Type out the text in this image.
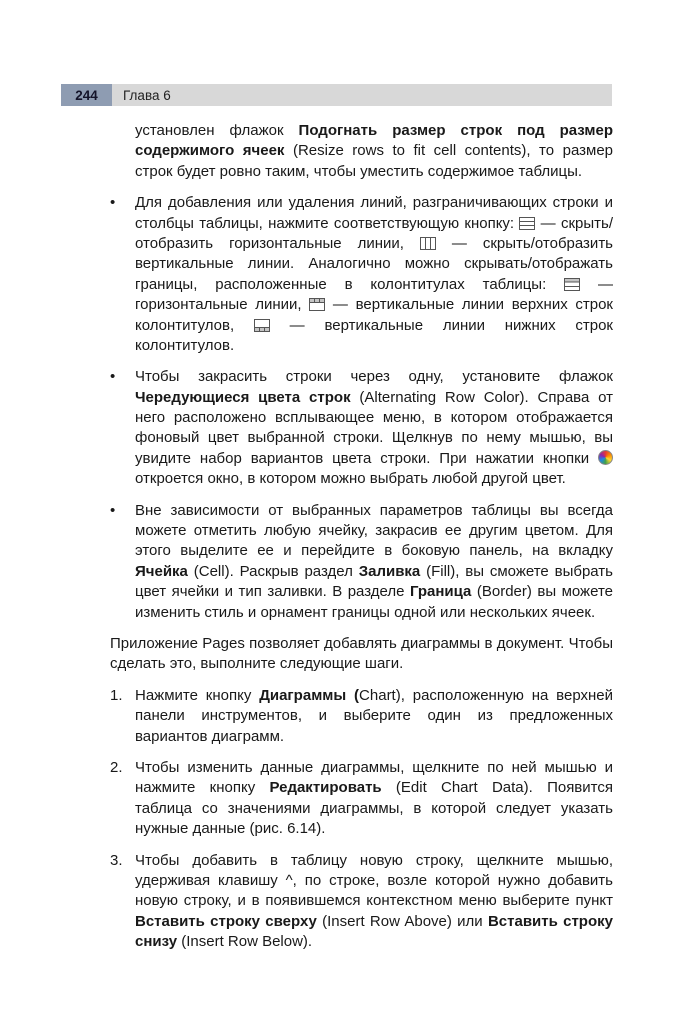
244 Глава 6
установлен флажок Подогнать размер строк под размер содержимого ячеек (Resize rows to fit cell contents), то размер строк будет ровно таким, чтобы уместить содержимое таблицы.
•	Для добавления или удаления линий, разграничивающих строки и столбцы таблицы, нажмите соответствующую кнопку:  — скрыть/отобразить горизонтальные линии,  — скрыть/отобразить вертикальные линии. Аналогично можно скрывать/отображать границы, расположенные в колонтитулах таблицы:  — горизонтальные линии,  — вертикальные линии верхних строк колонтитулов,  — вертикальные линии нижних строк колонтитулов.
•	Чтобы закрасить строки через одну, установите флажок Чередующиеся цвета строк (Alternating Row Color). Справа от него расположено всплывающее меню, в котором отображается фоновый цвет выбранной строки. Щелкнув по нему мышью, вы увидите набор вариантов цвета строки. При нажатии кнопки  откроется окно, в котором можно выбрать любой другой цвет.
•	Вне зависимости от выбранных параметров таблицы вы всегда можете отметить любую ячейку, закрасив ее другим цветом. Для этого выделите ее и перейдите в боковую панель, на вкладку Ячейка (Cell). Раскрыв раздел Заливка (Fill), вы сможете выбрать цвет ячейки и тип заливки. В разделе Граница (Border) вы можете изменить стиль и орнамент границы одной или нескольких ячеек.
Приложение Pages позволяет добавлять диаграммы в документ. Чтобы сделать это, выполните следующие шаги.
1. Нажмите кнопку Диаграммы (Chart), расположенную на верхней панели инструментов, и выберите один из предложенных вариантов диаграмм.
2. Чтобы изменить данные диаграммы, щелкните по ней мышью и нажмите кнопку Редактировать (Edit Chart Data). Появится таблица со значениями диаграммы, в которой следует указать нужные данные (рис. 6.14).
3. Чтобы добавить в таблицу новую строку, щелкните мышью, удерживая клавишу ^, по строке, возле которой нужно добавить новую строку, и в появившемся контекстном меню выберите пункт Вставить строку сверху (Insert Row Above) или Вставить строку снизу (Insert Row Below).
